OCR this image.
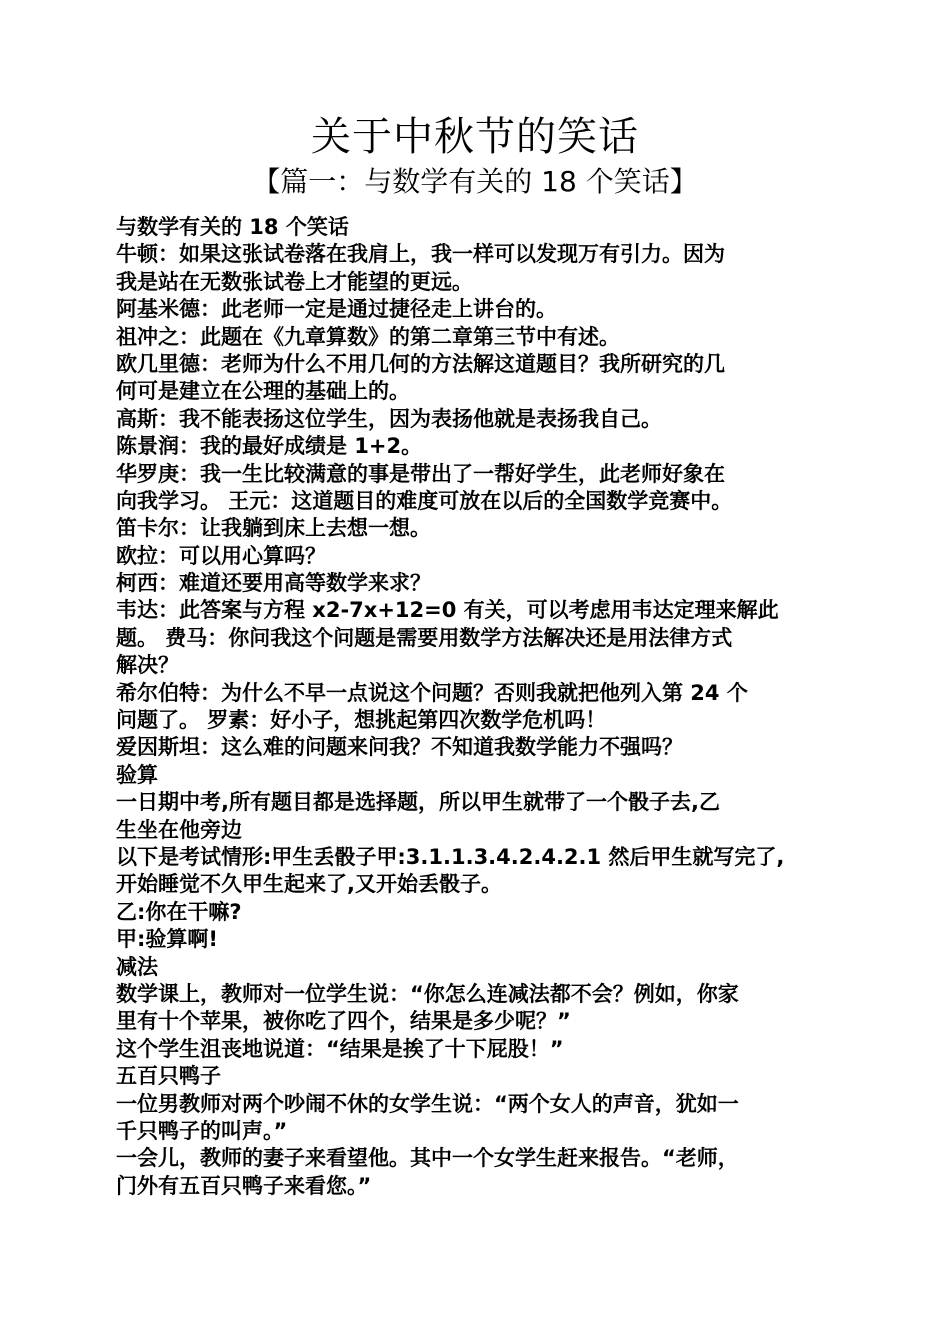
关于中秋节的笑话
【篇一：与数学有关的 18 个笑话】
与数学有关的 18 个笑话
牛顿：如果这张试卷落在我肩上，我一样可以发现万有引力。因为
我是站在无数张试卷上才能望的更远。
阿基米德：此老师一定是通过捷径走上讲台的。
祖冲之：此题在《九章算数》的第二章第三节中有述。
欧几里德：老师为什么不用几何的方法解这道题目？我所研究的几
何可是建立在公理的基础上的。
高斯：我不能表扬这位学生，因为表扬他就是表扬我自己。
陈景润：我的最好成绩是 1+2。
华罗庚：我一生比较满意的事是带出了一帮好学生，此老师好象在
向我学习。 王元：这道题目的难度可放在以后的全国数学竞赛中。
笛卡尔：让我躺到床上去想一想。
欧拉：可以用心算吗？
柯西：难道还要用高等数学来求？
韦达：此答案与方程 x2-7x+12=0 有关，可以考虑用韦达定理来解此
题。 费马：你问我这个问题是需要用数学方法解决还是用法律方式
解决？
希尔伯特：为什么不早一点说这个问题？否则我就把他列入第 24 个
问题了。 罗素：好小子，想挑起第四次数学危机吗！
爱因斯坦：这么难的问题来问我？不知道我数学能力不强吗？
验算
一日期中考,所有题目都是选择题，所以甲生就带了一个骰子去,乙
生坐在他旁边
以下是考试情形:甲生丢骰子甲:3.1.1.3.4.2.4.2.1 然后甲生就写完了,
开始睡觉不久甲生起来了,又开始丢骰子。
乙:你在干嘛?
甲:验算啊!
减法
数学课上，教师对一位学生说：“你怎么连减法都不会？例如，你家
里有十个苹果，被你吃了四个，结果是多少呢？”
这个学生沮丧地说道：“结果是挨了十下屁股！”
五百只鸭子
一位男教师对两个吵闹不休的女学生说：“两个女人的声音，犹如一
千只鸭子的叫声。”
一会儿，教师的妻子来看望他。其中一个女学生赶来报告。“老师，
门外有五百只鸭子来看您。”
